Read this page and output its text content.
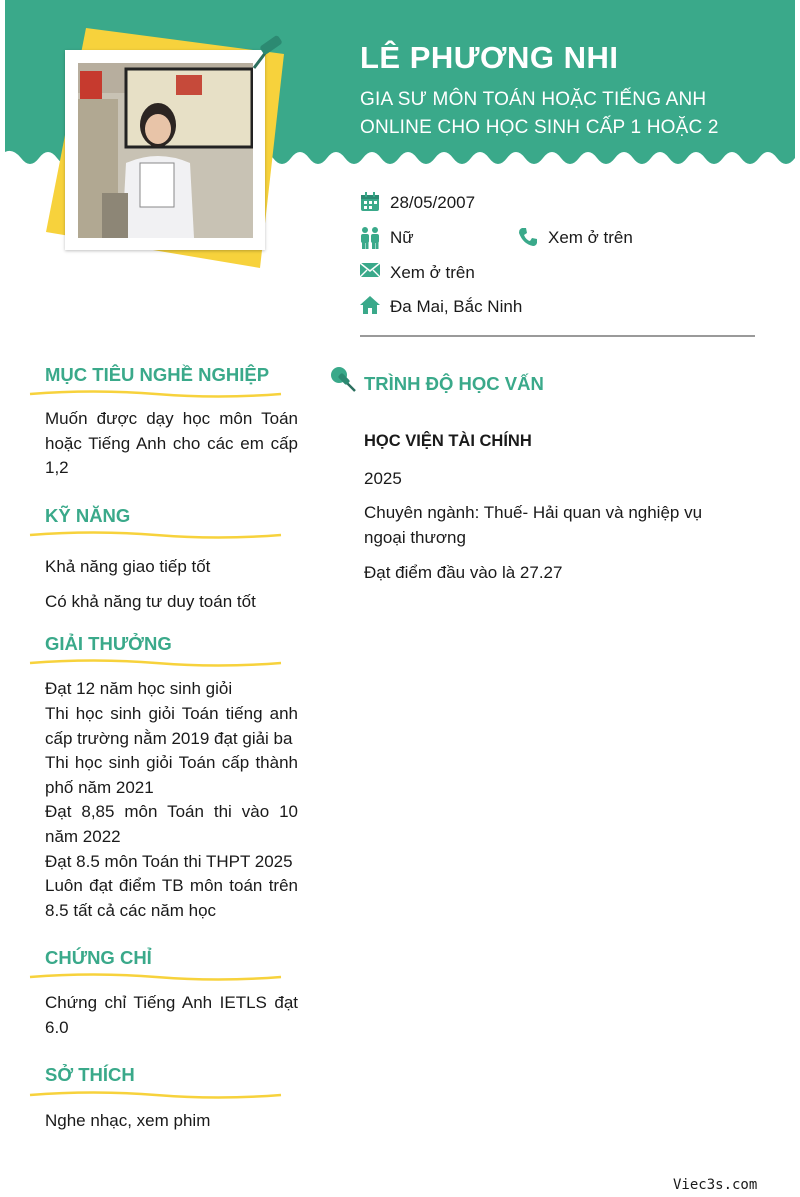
LÊ PHƯƠNG NHI
GIA SƯ MÔN TOÁN HOẶC TIẾNG ANH ONLINE CHO HỌC SINH CẤP 1 HOẶC 2
28/05/2007
Nữ	Xem ở trên
Xem ở trên
Đa Mai, Bắc Ninh
MỤC TIÊU NGHỀ NGHIỆP
Muốn được dạy học môn Toán hoặc Tiếng Anh cho các em cấp 1,2
KỸ NĂNG
Khả năng giao tiếp tốt
Có khả năng tư duy toán tốt
GIẢI THƯỞNG
Đạt 12 năm học sinh giỏi
Thi học sinh giỏi Toán tiếng anh cấp trường nằm 2019 đạt giải ba
Thi học sinh giỏi Toán cấp thành phố năm 2021
Đạt 8,85 môn Toán thi vào 10 năm 2022
Đạt 8.5 môn Toán thi THPT 2025
Luôn đạt điểm TB môn toán trên 8.5 tất cả các năm học
CHỨNG CHỈ
Chứng chỉ Tiếng Anh IETLS đạt 6.0
SỞ THÍCH
Nghe nhạc, xem phim
TRÌNH ĐỘ HỌC VẤN
HỌC VIỆN TÀI CHÍNH
2025
Chuyên ngành: Thuế- Hải quan và nghiệp vụ ngoại thương
Đạt điểm đầu vào là 27.27
Viec3s.com
